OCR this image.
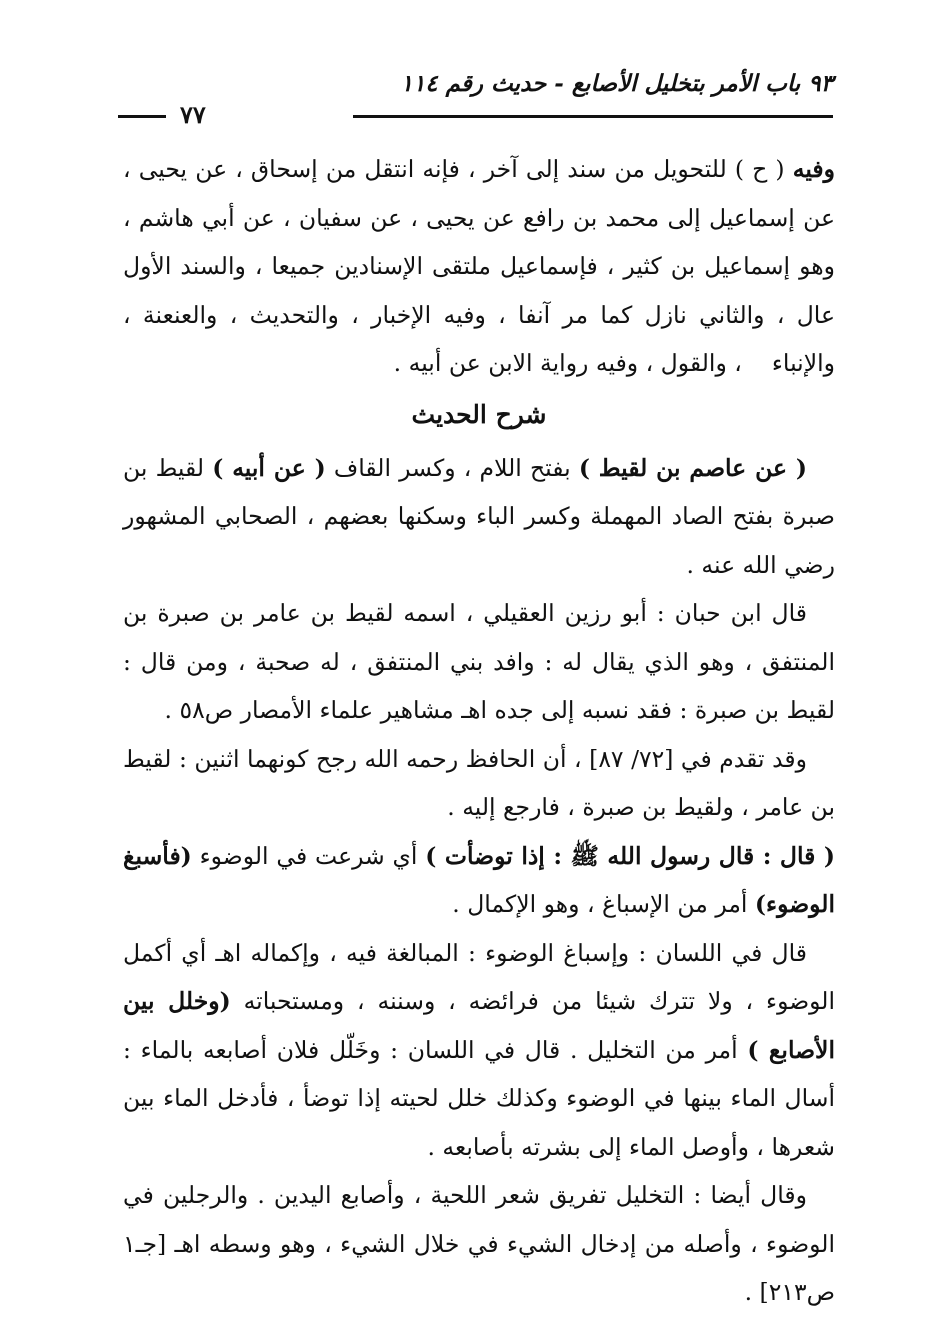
٩٣ باب الأمر بتخليل الأصابع - حديث رقم ١١٤
٧٧

وفيه ( ح ) للتحويل من سند إلى آخر ، فإنه انتقل من إسحاق ، عن يحيى ، عن إسماعيل إلى محمد بن رافع عن يحيى ، عن سفيان ، عن أبي هاشم ، وهو إسماعيل بن كثير ، فإسماعيل ملتقى الإسنادين جميعا ، والسند الأول عال ، والثاني نازل كما مر آنفا ، وفيه الإخبار ، والتحديث ، والعنعنة ، والإنباء، والقول ، وفيه رواية الابن عن أبيه .

شرح الحديث

( عن عاصم بن لقيط ) بفتح اللام ، وكسر القاف ( عن أبيه ) لقيط بن صبرة بفتح الصاد المهملة وكسر الباء وسكنها بعضهم ، الصحابي المشهور رضي الله عنه .

قال ابن حبان : أبو رزين العقيلي ، اسمه لقيط بن عامر بن صبرة بن المنتفق ، وهو الذي يقال له : وافد بني المنتفق ، له صحبة ، ومن قال : لقيط بن صبرة : فقد نسبه إلى جده اهـ مشاهير علماء الأمصار ص٥٨ .

وقد تقدم في [٧٢/ ٨٧] ، أن الحافظ رحمه الله رجح كونهما اثنين : لقيط بن عامر ، ولقيط بن صبرة ، فارجع إليه .

( قال : قال رسول الله ﷺ : إذا توضأت ) أي شرعت في الوضوء (فأسبغ الوضوء) أمر من الإسباغ ، وهو الإكمال .

قال في اللسان : وإسباغ الوضوء : المبالغة فيه ، وإكماله اهـ أي أكمل الوضوء ، ولا تترك شيئا من فرائضه ، وسننه ، ومستحباته (وخلل بين الأصابع ) أمر من التخليل . قال في اللسان : وخَلّل فلان أصابعه بالماء : أسال الماء بينها في الوضوء وكذلك خلل لحيته إذا توضأ ، فأدخل الماء بين شعرها ، وأوصل الماء إلى بشرته بأصابعه .

وقال أيضا : التخليل تفريق شعر اللحية ، وأصابع اليدين . والرجلين في الوضوء ، وأصله من إدخال الشيء في خلال الشيء ، وهو وسطه اهـ [جـ١ ص٢١٣] .
